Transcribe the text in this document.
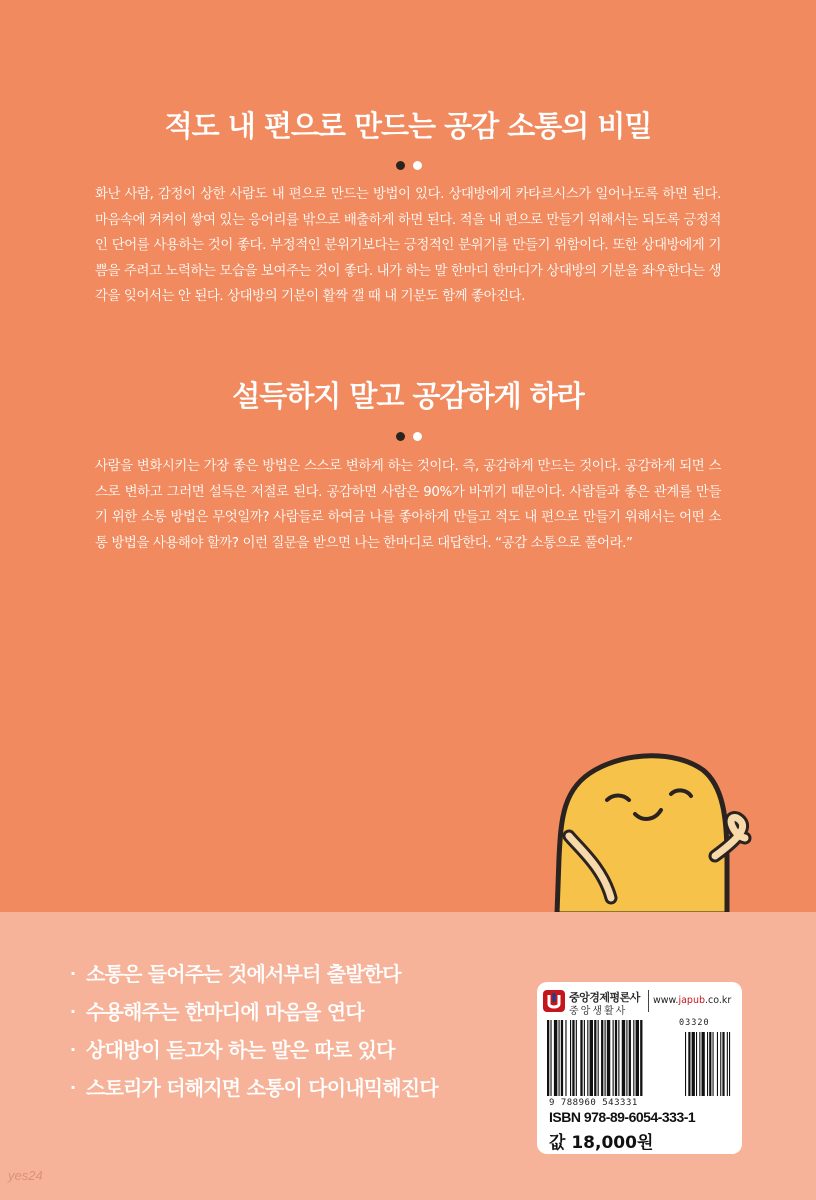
적도 내 편으로 만드는 공감 소통의 비밀
화난 사람, 감정이 상한 사람도 내 편으로 만드는 방법이 있다. 상대방에게 카타르시스가 일어나도록 하면 된다. 마음속에 켜켜이 쌓여 있는 응어리를 밖으로 배출하게 하면 된다. 적을 내 편으로 만들기 위해서는 되도록 긍정적인 단어를 사용하는 것이 좋다. 부정적인 분위기보다는 긍정적인 분위기를 만들기 위함이다. 또한 상대방에게 기쁨을 주려고 노력하는 모습을 보여주는 것이 좋다. 내가 하는 말 한마디 한마디가 상대방의 기분을 좌우한다는 생각을 잊어서는 안 된다. 상대방의 기분이 활짝 갤 때 내 기분도 함께 좋아진다.
설득하지 말고 공감하게 하라
사람을 변화시키는 가장 좋은 방법은 스스로 변하게 하는 것이다. 즉, 공감하게 만드는 것이다. 공감하게 되면 스스로 변하고 그러면 설득은 저절로 된다. 공감하면 사람은 90%가 바뀌기 때문이다. 사람들과 좋은 관계를 만들기 위한 소통 방법은 무엇일까? 사람들로 하여금 나를 좋아하게 만들고 적도 내 편으로 만들기 위해서는 어떤 소통 방법을 사용해야 할까? 이런 질문을 받으면 나는 한마디로 대답한다. “공감 소통으로 풀어라.”
· 소통은 들어주는 것에서부터 출발한다
· 수용해주는 한마디에 마음을 연다
· 상대방이 듣고자 하는 말은 따로 있다
· 스토리가 더해지면 소통이 다이내믹해진다
중앙경제평론사
중앙생활사
www.japub.co.kr
03320
9 788960 543331
ISBN 978-89-6054-333-1
값 18,000원
yes24
